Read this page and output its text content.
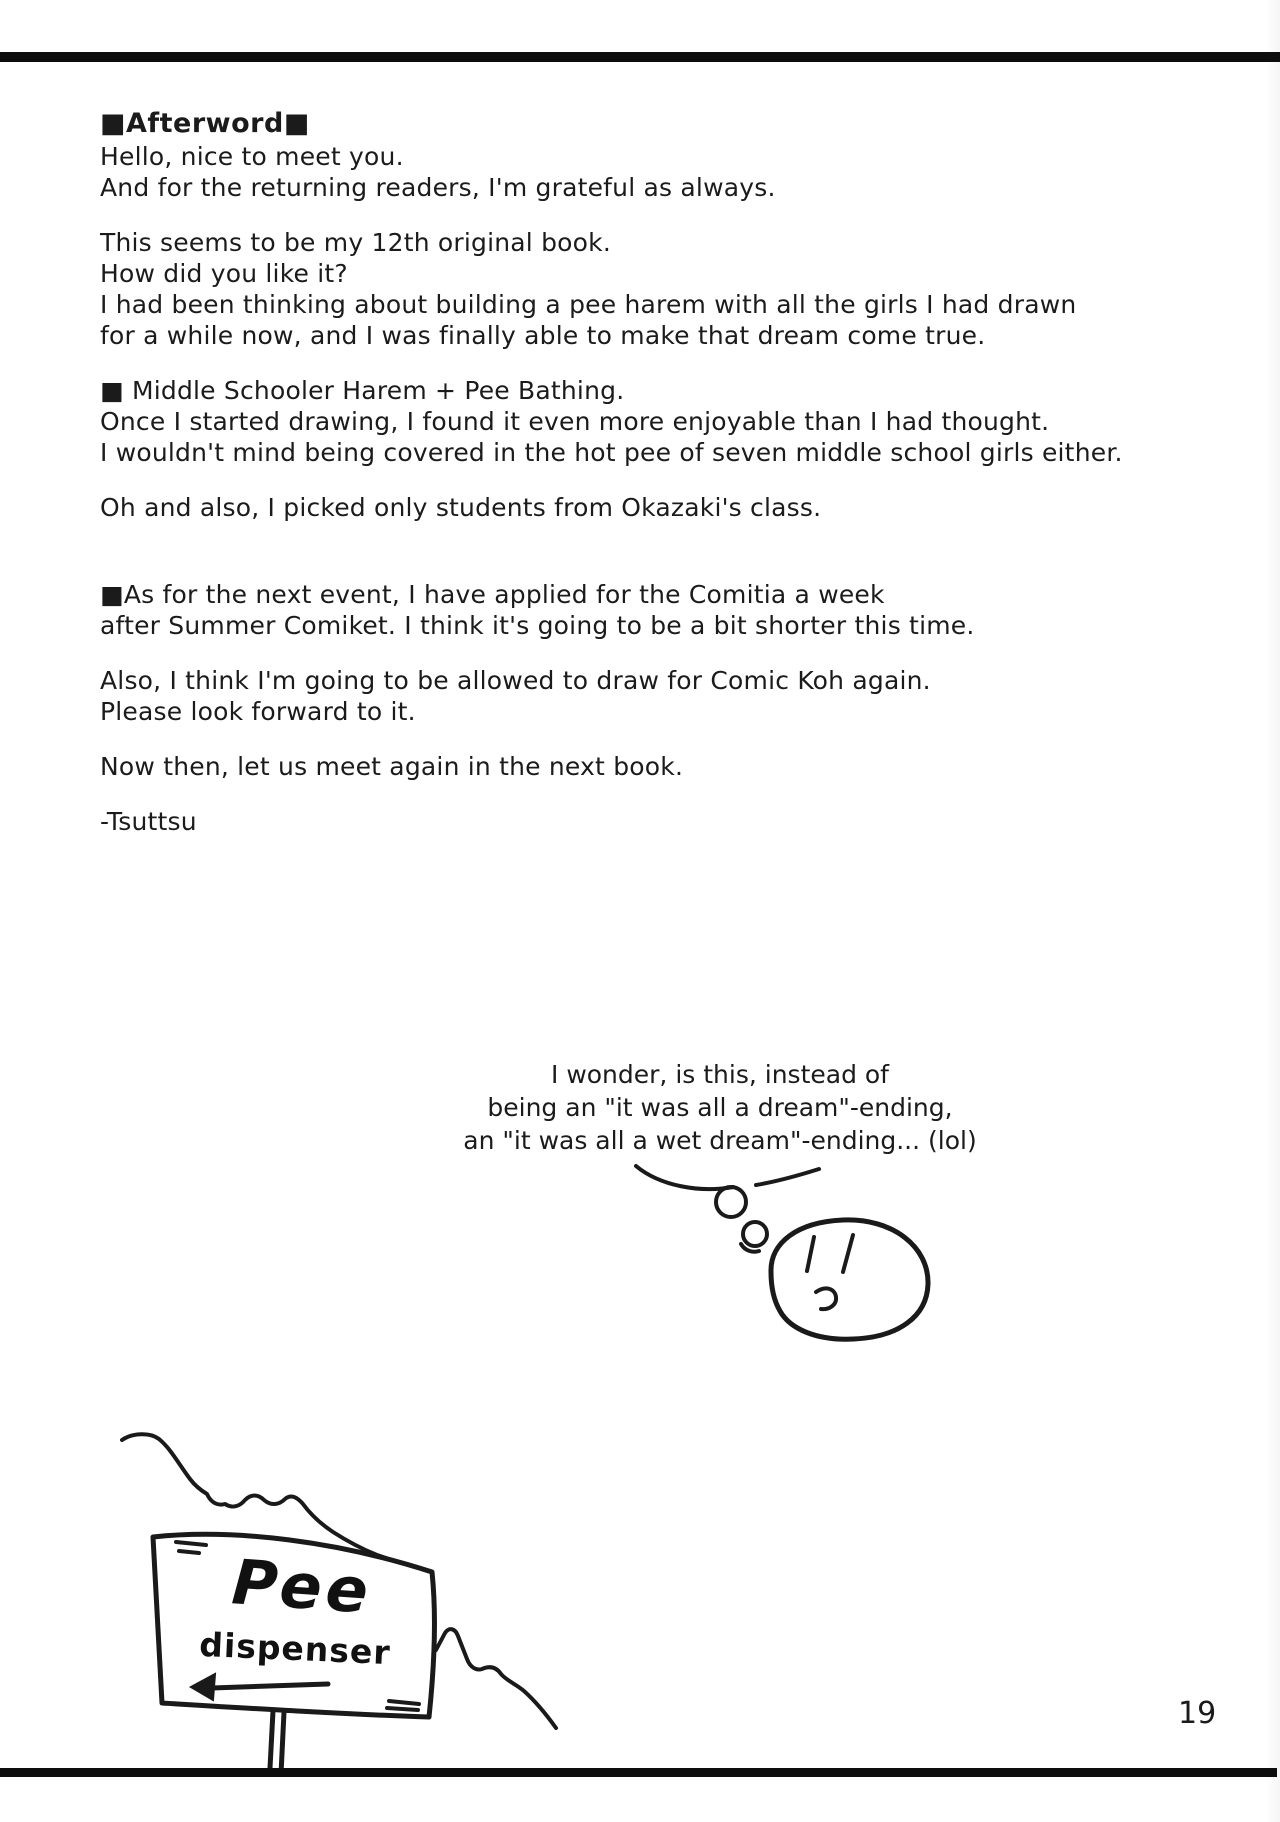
■Afterword■
Hello, nice to meet you.
And for the returning readers, I'm grateful as always.
This seems to be my 12th original book.
How did you like it?
I had been thinking about building a pee harem with all the girls I had drawn
for a while now, and I was finally able to make that dream come true.
■ Middle Schooler Harem + Pee Bathing.
Once I started drawing, I found it even more enjoyable than I had thought.
I wouldn't mind being covered in the hot pee of seven middle school girls either.
Oh and also, I picked only students from Okazaki's class.
■As for the next event, I have applied for the Comitia a week
after Summer Comiket. I think it's going to be a bit shorter this time.
Also, I think I'm going to be allowed to draw for Comic Koh again.
Please look forward to it.
Now then, let us meet again in the next book.
-Tsuttsu
I wonder, is this, instead of
being an "it was all a dream"-ending,
an "it was all a wet dream"-ending... (lol)
Pee
dispenser
19
